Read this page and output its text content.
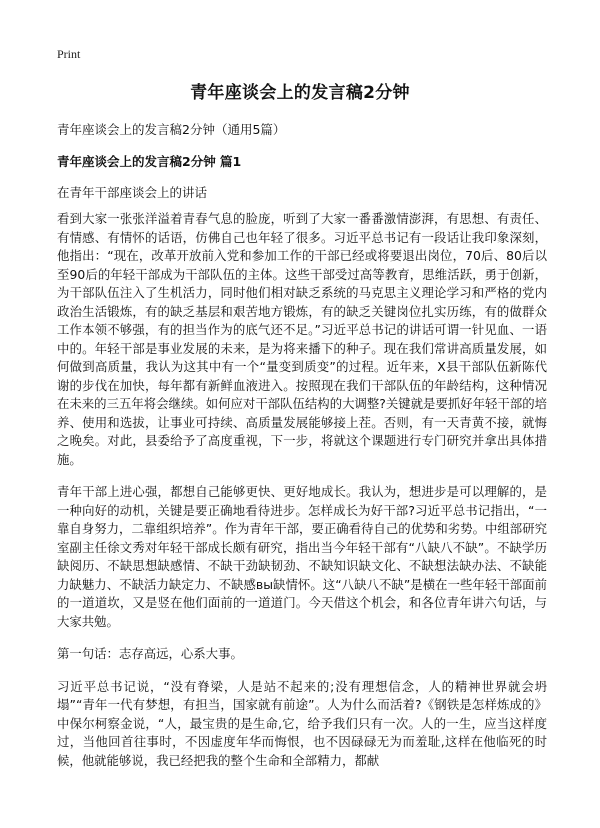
Print
青年座谈会上的发言稿2分钟
青年座谈会上的发言稿2分钟（通用5篇）
青年座谈会上的发言稿2分钟 篇1
在青年干部座谈会上的讲话

看到大家一张张洋溢着青春气息的脸庞，听到了大家一番番激情澎湃，有思想、有责任、有情感、有情怀的话语，仿佛自己也年轻了很多。习近平总书记有一段话让我印象深刻，他指出：“现在，改革开放前入党和参加工作的干部已经或将要退出岗位，70后、80后以至90后的年轻干部成为干部队伍的主体。这些干部受过高等教育，思维活跃，勇于创新，为干部队伍注入了生机活力，同时他们相对缺乏系统的马克思主义理论学习和严格的党内政治生活锻炼，有的缺乏基层和艰苦地方锻炼，有的缺乏关键岗位扎实历练，有的做群众工作本领不够强，有的担当作为的底气还不足。”习近平总书记的讲话可谓一针见血、一语中的。年轻干部是事业发展的未来，是为将来播下的种子。现在我们常讲高质量发展，如何做到高质量，我认为这其中有一个“量变到质变”的过程。近年来，X县干部队伍新陈代谢的步伐在加快，每年都有新鲜血液进入。按照现在我们干部队伍的年龄结构，这种情况在未来的三五年将会继续。如何应对干部队伍结构的大调整?关键就是要抓好年轻干部的培养、使用和选拔，让事业可持续、高质量发展能够接上茬。否则，有一天青黄不接，就悔之晚矣。对此，县委给予了高度重视，下一步，将就这个课题进行专门研究并拿出具体措施。

青年干部上进心强，都想自己能够更快、更好地成长。我认为，想进步是可以理解的，是一种向好的动机，关键是要正确地看待进步。怎样成长为好干部?习近平总书记指出，“一靠自身努力，二靠组织培养”。作为青年干部，要正确看待自己的优势和劣势。中组部研究室副主任徐文秀对年轻干部成长颇有研究，指出当今年轻干部有“八缺八不缺”。不缺学历缺阅历、不缺思想缺感情、不缺干劲缺韧劲、不缺知识缺文化、不缺想法缺办法、不缺能力缺魅力、不缺活力缺定力、不缺感вы缺情怀。这“八缺八不缺”是横在一些年轻干部面前的一道道坎，又是竖在他们面前的一道道门。今天借这个机会，和各位青年讲六句话，与大家共勉。

第一句话：志存高远，心系大事。

习近平总书记说，“没有脊梁，人是站不起来的;没有理想信念，人的精神世界就会坍塌”“青年一代有梦想，有担当，国家就有前途”。人为什么而活着?《钢铁是怎样炼成的》中保尔柯察金说，“人，最宝贵的是生命,它，给予我们只有一次。人的一生，应当这样度过，当他回首往事时，不因虚度年华而悔恨，也不因碌碌无为而羞耻,这样在他临死的时候，他就能够说，我已经把我的整个生命和全部精力，都献
